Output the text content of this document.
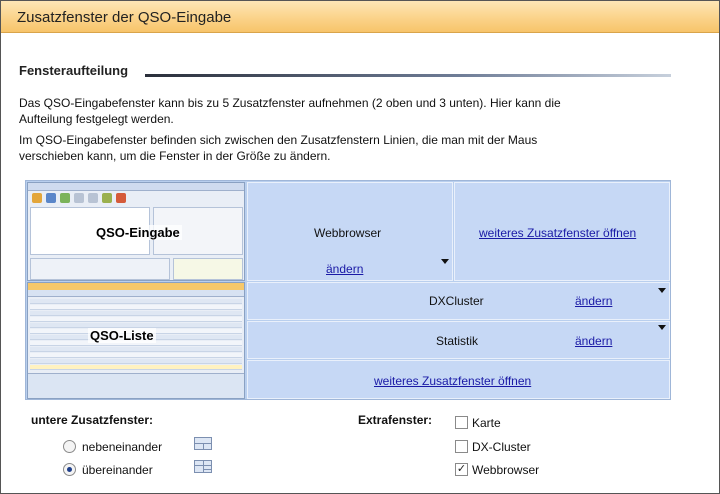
Zusatzfenster der QSO-Eingabe
Fensteraufteilung
Das QSO-Eingabefenster kann bis zu 5 Zusatzfenster aufnehmen (2 oben und 3 unten). Hier kann die
Aufteilung festgelegt werden.
Im QSO-Eingabefenster befinden sich zwischen den Zusatzfenstern Linien, die man mit der Maus
verschieben kann, um die Fenster in der Größe zu ändern.
QSO-Eingabe
QSO-Liste
Webbrowser
ändern
weiteres Zusatzfenster öffnen
DXCluster	ändern
Statistik	ändern
weiteres Zusatzfenster öffnen
untere Zusatzfenster:
nebeneinander
übereinander
Extrafenster:	Karte
DX-Cluster
✓ Webbrowser
